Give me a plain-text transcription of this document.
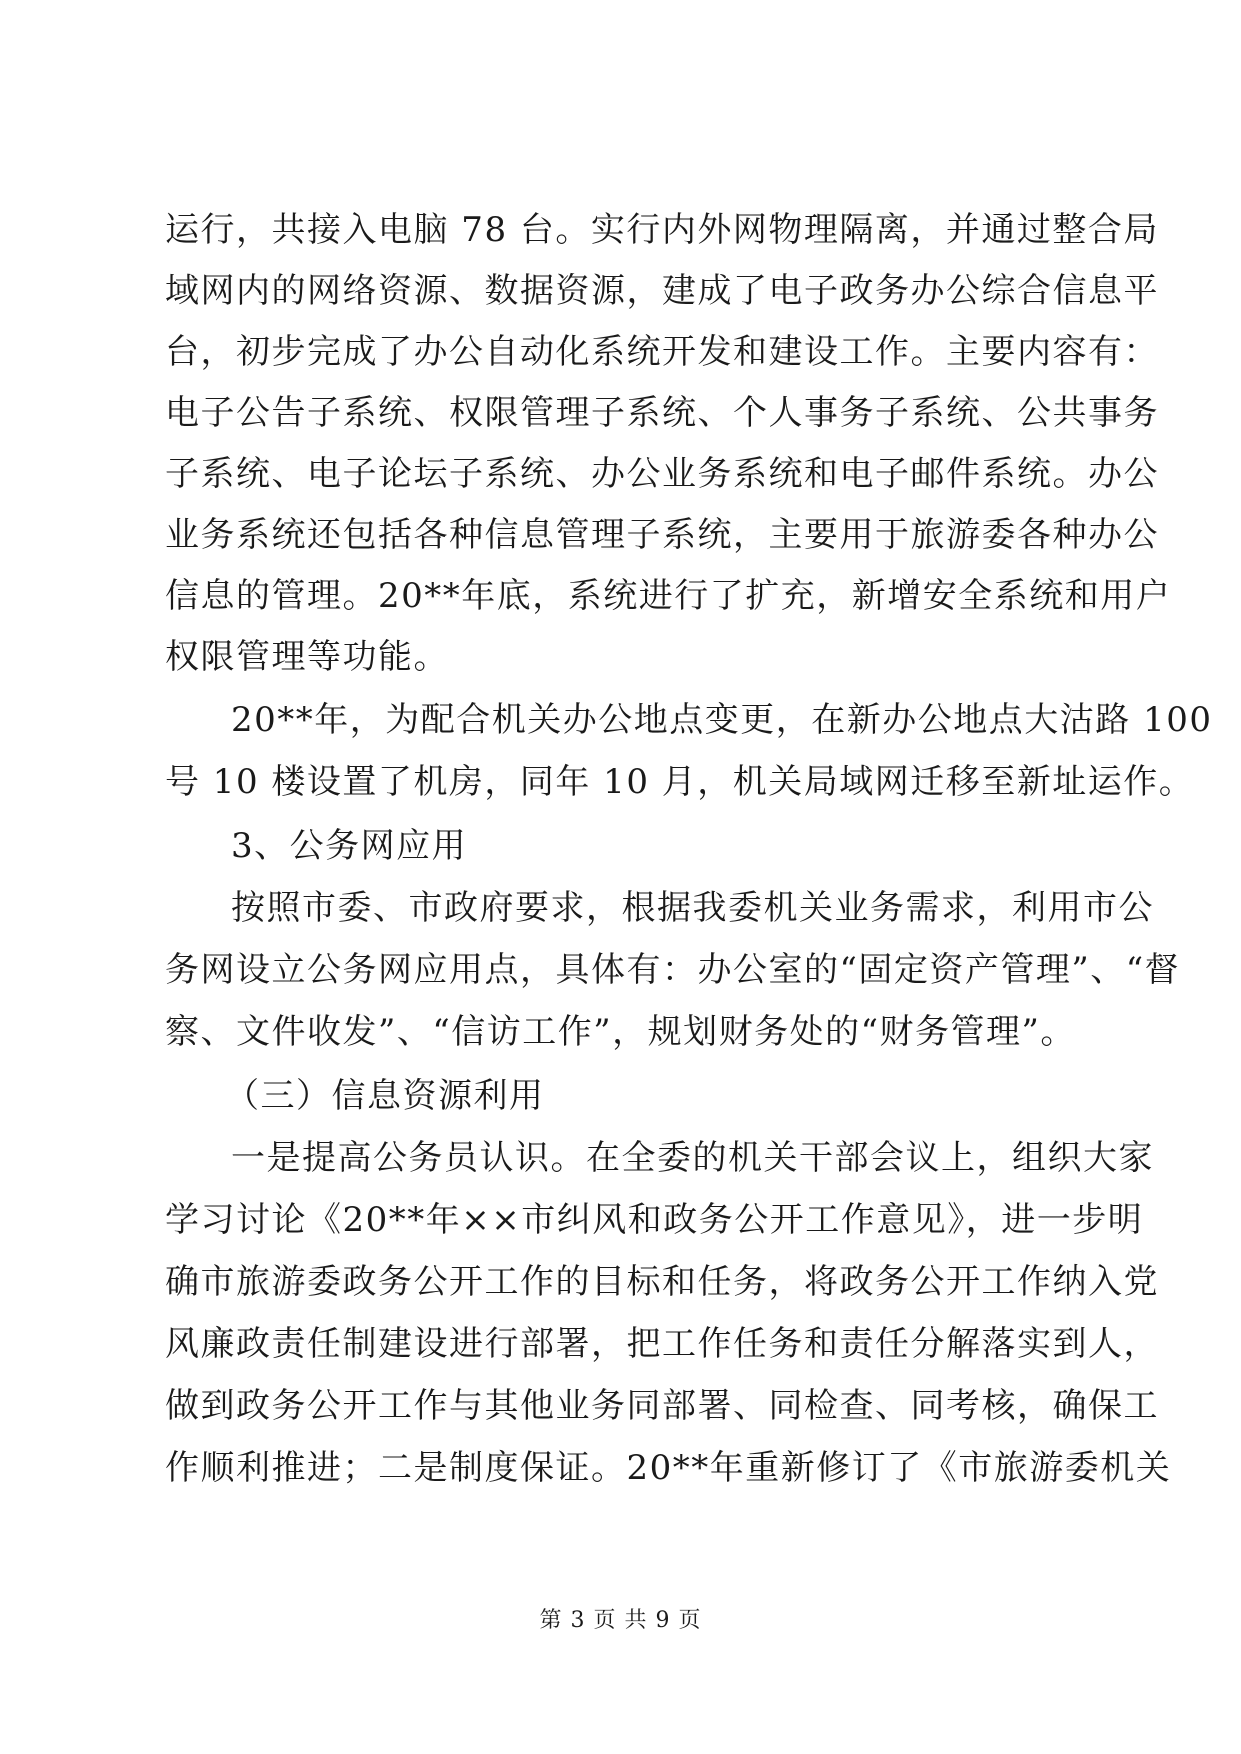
运行，共接入电脑 78 台。实行内外网物理隔离，并通过整合局
域网内的网络资源、数据资源，建成了电子政务办公综合信息平
台，初步完成了办公自动化系统开发和建设工作。主要内容有：
电子公告子系统、权限管理子系统、个人事务子系统、公共事务
子系统、电子论坛子系统、办公业务系统和电子邮件系统。办公
业务系统还包括各种信息管理子系统，主要用于旅游委各种办公
信息的管理。20**年底，系统进行了扩充，新增安全系统和用户
权限管理等功能。
20**年，为配合机关办公地点变更，在新办公地点大沽路 100
号 10 楼设置了机房，同年 10 月，机关局域网迁移至新址运作。
3、公务网应用
按照市委、市政府要求，根据我委机关业务需求，利用市公
务网设立公务网应用点，具体有：办公室的“固定资产管理”、“督
察、文件收发”、“信访工作”，规划财务处的“财务管理”。
（三）信息资源利用
一是提高公务员认识。在全委的机关干部会议上，组织大家
学习讨论《20**年××市纠风和政务公开工作意见》，进一步明
确市旅游委政务公开工作的目标和任务，将政务公开工作纳入党
风廉政责任制建设进行部署，把工作任务和责任分解落实到人，
做到政务公开工作与其他业务同部署、同检查、同考核，确保工
作顺利推进；二是制度保证。20**年重新修订了《市旅游委机关
第 3 页 共 9 页
